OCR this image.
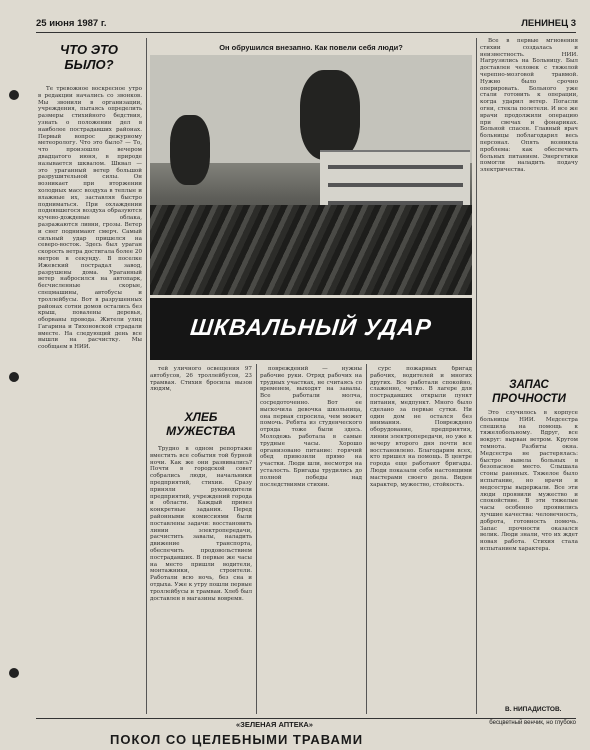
25 июня 1987 г.	ЛЕНИНЕЦ 3
ЧТО ЭТО БЫЛО?

Те тревожное воскресное утро в редакции начались со звонков. Мы звонили в организации, учреждения, пытаясь определить размеры стихийного бедствия, узнать о положении дел в наиболее пострадавших районах. Первый вопрос дежурному метеорологу. Что это было? — То, что произошло вечером двадцатого июня, в природе называется шквалом. Шквал — это ураганный ветер большой разрушительной силы. Он возникает при вторжении холодных масс воздуха в теплые и влажные их, заставляя быстро подниматься. При охлаждении поднявшегося воздуха образуются кучево-дождевые облака, разражаются ливни, грозы. Ветер и снег поднимают смерч. Самый сильный удар пришелся на северо-восток. Здесь был ураган скорость ветра достигала более 20 метров в секунду. В поселке Ижевский пострадал завод, разрушены дома. Ураганный ветер набросился на автопарк, бесчисленные скорые, спецмашины, автобусы и троллейбусы. Вот в разрушенных районах сотни домов остались без крыш, повалены деревья, оборваны провода. Жители улиц Гагарина и Тихоновской страдали вместе. На следующий день все вышли на расчистку. Мы сообщаем в НИИ.

Он обрушился внезапно. Как повели себя люди?
ШКВАЛЬНЫЙ УДАР

тей уличного освещения 97 автобусов, 26 троллейбусов, 23 трамвая. Стихия бросила вызов людям,

ХЛЕБ МУЖЕСТВА

Трудно в одном репортаже вместить все события той бурной ночи. Как же они развивались? Почти в городской совет собрались люди, начальники предприятий, стихии. Сразу приняли руководители предприятий, учреждений города и области. Каждый привез конкретные задания. Перед районными комиссиями были поставлены задачи: восстановить линии электропередачи, расчистить завалы, наладить движение транспорта, обеспечить продовольствием пострадавших. В первые же часы на место пришли водители, монтажники, строители. Работали всю ночь, без сна и отдыха. Уже к утру пошли первые троллейбусы и трамваи. Хлеб был доставлен в магазины вовремя.

повреждений — нужны рабочие руки. Отряд рабочих на трудных участках, не считаясь со временем, выходят на завалы. Все работали молча, сосредоточенно. Вот ее выскочила девочка школьница, она первая спросила, чем может помочь. Ребята из студенческого отряда тоже были здесь. Молодежь работала в самые трудные часы. Хорошо организовано питание: горячий обед привозили прямо на участки. Люди шли, несмотря на усталость. Бригады трудились до полной победы над последствиями стихии.

сурс пожарных бригад рабочих, водителей и многих других. Все работали спокойно, слаженно, четко. В лагере для пострадавших открыли пункт питания, медпункт. Много было сделано за первые сутки. Ни один дом не остался без внимания. Повреждено оборудование, предприятия, линии электропередачи, но уже к вечеру второго дня почти все восстановлено. Благодарим всех, кто пришел на помощь. В центре города еще работают бригады. Люди показали себя настоящими мастерами своего дела. Виден характер, мужество, стойкость.

Все в первые мгновения стихии создалась и неизвестность. НИИ. Нагрузились на Больницу. Был доставлен человек с тяжелой черепно-мозговой травмой. Нужно было срочно оперировать. Больного уже стали готовить к операции, когда ударил ветер. Погасли огни, стекла полетели. И все же врачи продолжили операцию при свечах и фонариках. Больной спасен. Главный врач больницы поблагодарил весь персонал. Опять возникла проблема: как обеспечить больных питанием. Энергетики помогли наладить подачу электричества.

ЗАПАС ПРОЧНОСТИ

Это случилось в корпусе больницы НИИ. Медсестра спешила на помощь к тяжелобольному. Вдруг, все вокруг: вырван ветром. Кругом темнота. Разбиты окна. Медсестра не растерялась: быстро вывела больных в безопасное место. Слышала стоны раненых. Тяжелое было испытание, но врачи и медсестры выдержали. Все эти люди проявили мужество и спокойствие. В эти тяжелые часы особенно проявились лучшие качества: человечность, доброта, готовность помочь. Запас прочности оказался велик. Люди знали, что их ждет новая работа. Стихия стала испытанием характера.

В. НИПАДИСТОВ.
«ЗЕЛЕНАЯ АПТЕКА»	бесцветный венчик, но глубоко
ПОКОЛ СО ЦЕЛЕБНЫМИ ТРАВАМИ
